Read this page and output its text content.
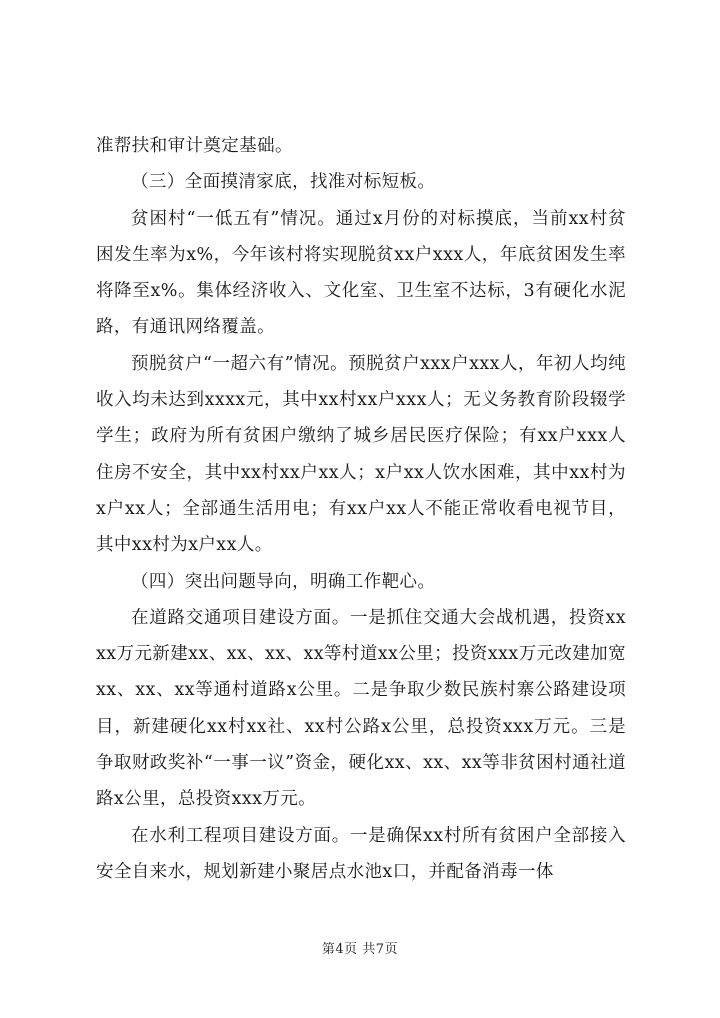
准帮扶和审计奠定基础。

（三）全面摸清家底，找准对标短板。

贫困村“一低五有”情况。通过x月份的对标摸底，当前xx村贫困发生率为x%，今年该村将实现脱贫xx户xxx人，年底贫困发生率将降至x%。集体经济收入、文化室、卫生室不达标，3有硬化水泥路，有通讯网络覆盖。

预脱贫户“一超六有”情况。预脱贫户xxx户xxx人，年初人均纯收入均未达到xxxx元，其中xx村xx户xxx人；无义务教育阶段辍学学生；政府为所有贫困户缴纳了城乡居民医疗保险；有xx户xxx人住房不安全，其中xx村xx户xx人；x户xx人饮水困难，其中xx村为x户xx人；全部通生活用电；有xx户xx人不能正常收看电视节目，其中xx村为x户xx人。

（四）突出问题导向，明确工作靶心。

在道路交通项目建设方面。一是抓住交通大会战机遇，投资xxxx万元新建xx、xx、xx、xx等村道xx公里；投资xxx万元改建加宽xx、xx、xx等通村道路x公里。二是争取少数民族村寨公路建设项目，新建硬化xx村xx社、xx村公路x公里，总投资xxx万元。三是争取财政奖补“一事一议”资金，硬化xx、xx、xx等非贫困村通社道路x公里，总投资xxx万元。

在水利工程项目建设方面。一是确保xx村所有贫困户全部接入安全自来水，规划新建小聚居点水池x口，并配备消毒一体

第4页 共7页
